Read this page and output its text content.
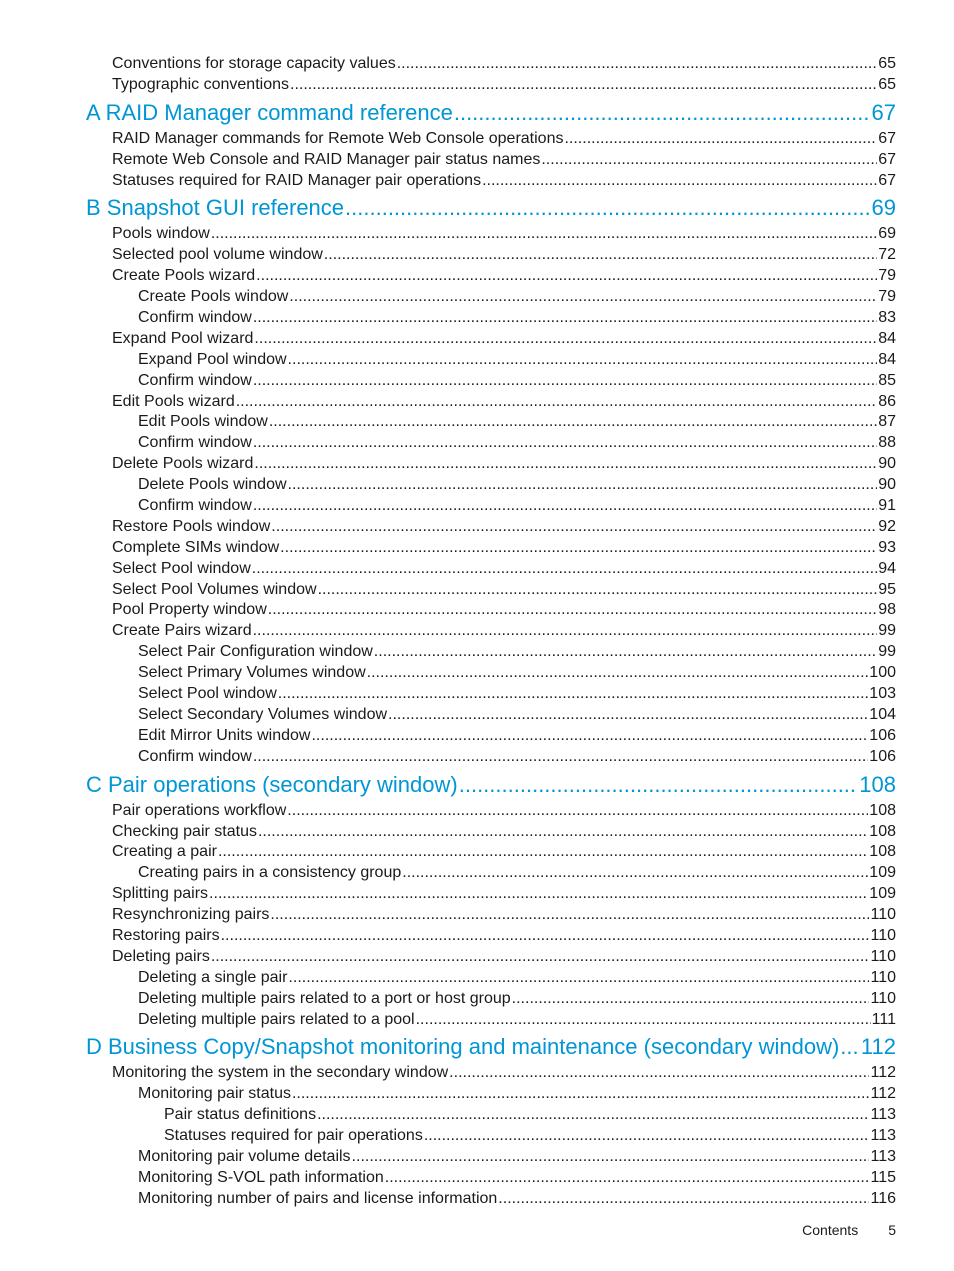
Conventions for storage capacity values .....	65
Typographic conventions .....	65
A RAID Manager command reference .....	67
RAID Manager commands for Remote Web Console operations .....	67
Remote Web Console and RAID Manager pair status names .....	67
Statuses required for RAID Manager pair operations .....	67
B Snapshot GUI reference .....	69
Pools window .....	69
Selected pool volume window .....	72
Create Pools wizard .....	79
Create Pools window .....	79
Confirm window .....	83
Expand Pool wizard .....	84
Expand Pool window .....	84
Confirm window .....	85
Edit Pools wizard .....	86
Edit Pools window .....	87
Confirm window .....	88
Delete Pools wizard .....	90
Delete Pools window .....	90
Confirm window .....	91
Restore Pools window .....	92
Complete SIMs window .....	93
Select Pool window .....	94
Select Pool Volumes window .....	95
Pool Property window .....	98
Create Pairs wizard .....	99
Select Pair Configuration window .....	99
Select Primary Volumes window .....	100
Select Pool window .....	103
Select Secondary Volumes window .....	104
Edit Mirror Units window .....	106
Confirm window .....	106
C Pair operations (secondary window) .....	108
Pair operations workflow .....	108
Checking pair status .....	108
Creating a pair .....	108
Creating pairs in a consistency group .....	109
Splitting pairs .....	109
Resynchronizing pairs .....	110
Restoring pairs .....	110
Deleting pairs .....	110
Deleting a single pair .....	110
Deleting multiple pairs related to a port or host group .....	110
Deleting multiple pairs related to a pool .....	111
D Business Copy/Snapshot monitoring and maintenance (secondary window) ..... 112
Monitoring the system in the secondary window .....	112
Monitoring pair status .....	112
Pair status definitions .....	113
Statuses required for pair operations .....	113
Monitoring pair volume details .....	113
Monitoring S-VOL path information .....	115
Monitoring number of pairs and license information .....	116
Contents 5
